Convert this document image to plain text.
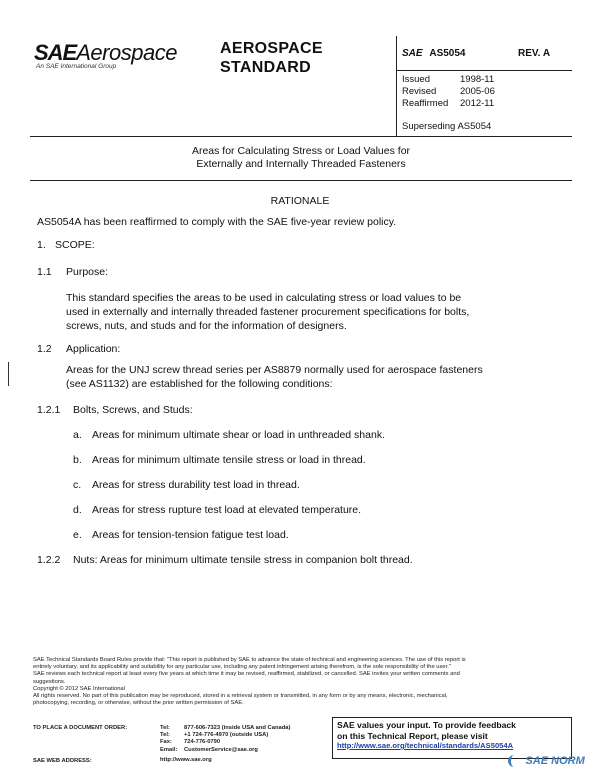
SAEAerospace
An SAE International Group
AEROSPACE
STANDARD
SAE AS5054	REV. A
Issued	1998-11
Revised 2005-06
Reaffirmed 2012-11
Superseding AS5054
Areas for Calculating Stress or Load Values for
Externally and Internally Threaded Fasteners
RATIONALE
AS5054A has been reaffirmed to comply with the SAE five-year review policy.
1. SCOPE:
1.1 Purpose:
This standard specifies the areas to be used in calculating stress or load values to be
used in externally and internally threaded fastener procurement specifications for bolts,
screws, nuts, and studs and for the information of designers.
1.2 Application:
Areas for the UNJ screw thread series per AS8879 normally used for aerospace fasteners
(see AS1132) are established for the following conditions:
1.2.1 Bolts, Screws, and Studs:
a. Areas for minimum ultimate shear or load in unthreaded shank.
b. Areas for minimum ultimate tensile stress or load in thread.
c. Areas for stress durability test load in thread.
d. Areas for stress rupture test load at elevated temperature.
e. Areas for tension-tension fatigue test load.
1.2.2 Nuts: Areas for minimum ultimate tensile stress in companion bolt thread.
SAE Technical Standards Board Rules provide that: "This report is published by SAE to advance the state of technical and engineering sciences. The use of this report is
entirely voluntary, and its applicability and suitability for any particular use, including any patent infringement arising therefrom, is the sole responsibility of the user."
SAE reviews each technical report at least every five years at which time it may be revised, reaffirmed, stabilized, or cancelled. SAE invites your written comments and
suggestions.
Copyright © 2012 SAE International
All rights reserved. No part of this publication may be reproduced, stored in a retrieval system or transmitted, in any form or by any means, electronic, mechanical,
photocopying, recording, or otherwise, without the prior written permission of SAE.
TO PLACE A DOCUMENT ORDER:	Tel: 877-606-7323 (inside USA and Canada)
Tel: +1 724-776-4970 (outside USA)
Fax: 724-776-0790
Email: CustomerService@sae.org
SAE WEB ADDRESS:	http://www.sae.org
SAE values your input. To provide feedback
on this Technical Report, please visit
http://www.sae.org/technical/standards/AS5054A
SAE NORM
